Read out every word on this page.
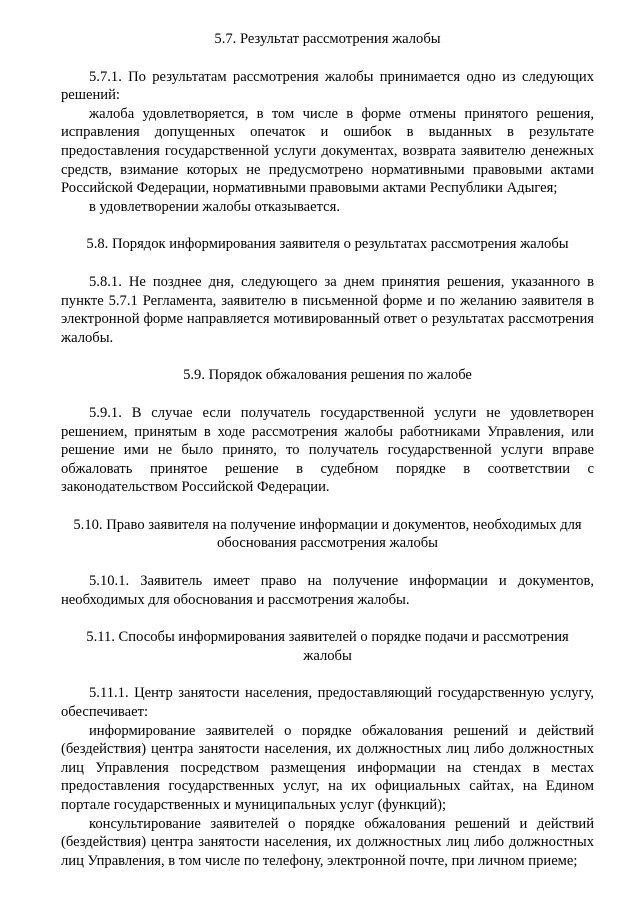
5.7. Результат рассмотрения жалобы

5.7.1. По результатам рассмотрения жалобы принимается одно из следующих решений:

жалоба удовлетворяется, в том числе в форме отмены принятого решения, исправления допущенных опечаток и ошибок в выданных в результате предоставления государственной услуги документах, возврата заявителю денежных средств, взимание которых не предусмотрено нормативными правовыми актами Российской Федерации, нормативными правовыми актами Республики Адыгея;

в удовлетворении жалобы отказывается.

5.8. Порядок информирования заявителя о результатах рассмотрения жалобы

5.8.1. Не позднее дня, следующего за днем принятия решения, указанного в пункте 5.7.1 Регламента, заявителю в письменной форме и по желанию заявителя в электронной форме направляется мотивированный ответ о результатах рассмотрения жалобы.

5.9. Порядок обжалования решения по жалобе

5.9.1. В случае если получатель государственной услуги не удовлетворен решением, принятым в ходе рассмотрения жалобы работниками Управления, или решение ими не было принято, то получатель государственной услуги вправе обжаловать принятое решение в судебном порядке в соответствии с законодательством Российской Федерации.

5.10. Право заявителя на получение информации и документов, необходимых для обоснования рассмотрения жалобы

5.10.1. Заявитель имеет право на получение информации и документов, необходимых для обоснования и рассмотрения жалобы.

5.11. Способы информирования заявителей о порядке подачи и рассмотрения жалобы

5.11.1. Центр занятости населения, предоставляющий государственную услугу, обеспечивает:

информирование заявителей о порядке обжалования решений и действий (бездействия) центра занятости населения, их должностных лиц либо должностных лиц Управления посредством размещения информации на стендах в местах предоставления государственных услуг, на их официальных сайтах, на Едином портале государственных и муниципальных услуг (функций);

консультирование заявителей о порядке обжалования решений и действий (бездействия) центра занятости населения, их должностных лиц либо должностных лиц Управления, в том числе по телефону, электронной почте, при личном приеме;
